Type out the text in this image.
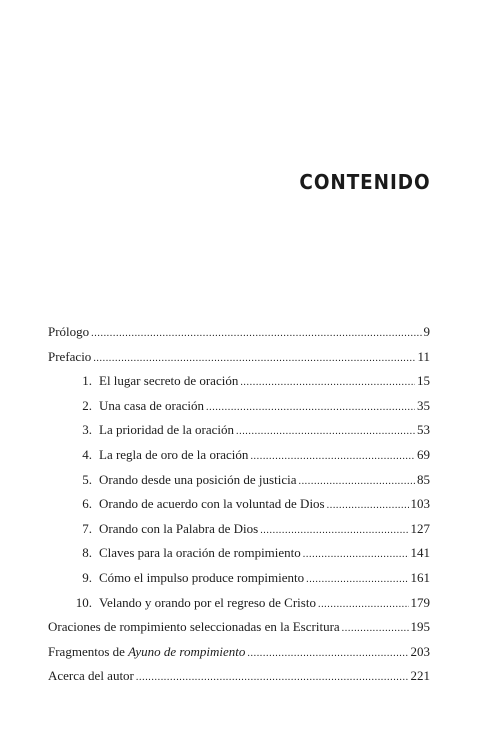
CONTENIDO
Prólogo .....	9
Prefacio .....	11
1. El lugar secreto de oración .....	15
2. Una casa de oración .....	35
3. La prioridad de la oración .....	53
4. La regla de oro de la oración .....	69
5. Orando desde una posición de justicia .....	85
6. Orando de acuerdo con la voluntad de Dios .....	103
7. Orando con la Palabra de Dios .....	127
8. Claves para la oración de rompimiento .....	141
9. Cómo el impulso produce rompimiento .....	161
10. Velando y orando por el regreso de Cristo .....	179
Oraciones de rompimiento seleccionadas en la Escritura .....	195
Fragmentos de Ayuno de rompimiento .....	203
Acerca del autor .....	221
